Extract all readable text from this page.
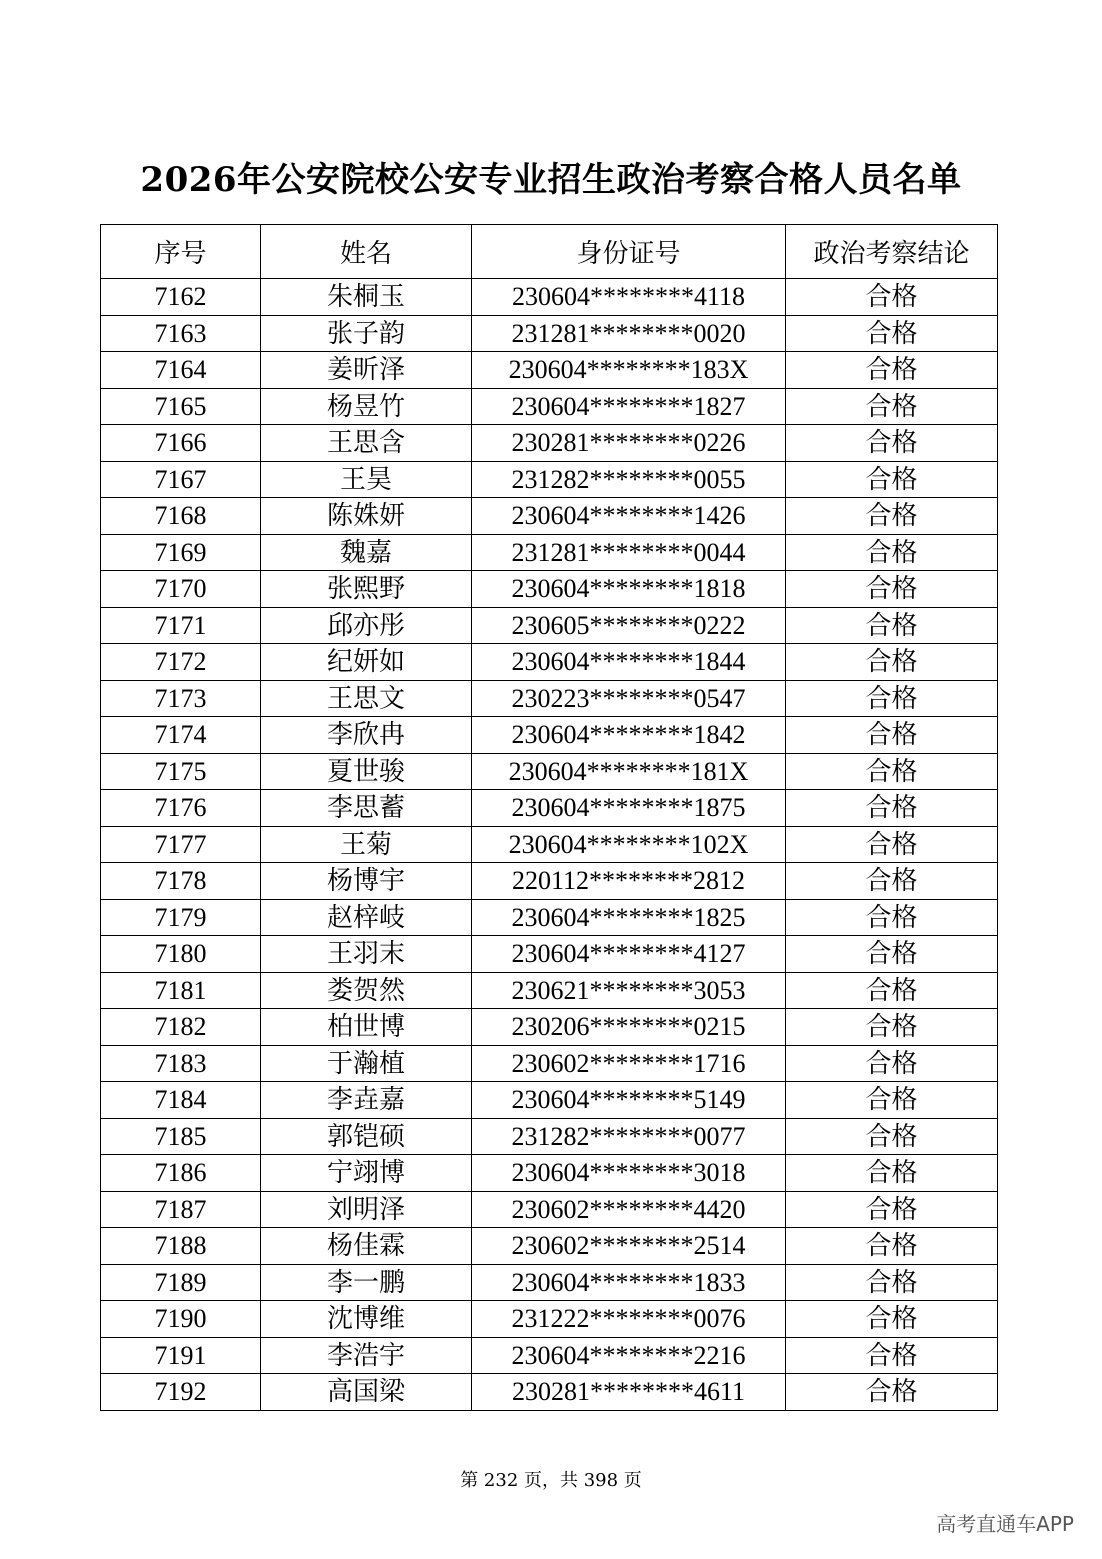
2026年公安院校公安专业招生政治考察合格人员名单
序号	姓名	身份证号	政治考察结论
7162	朱桐玉	230604********4118	合格
7163	张子韵	231281********0020	合格
7164	姜昕泽	230604********183X	合格
7165	杨昱竹	230604********1827	合格
7166	王思含	230281********0226	合格
7167	王昊	231282********0055	合格
7168	陈姝妍	230604********1426	合格
7169	魏嘉	231281********0044	合格
7170	张熙野	230604********1818	合格
7171	邱亦彤	230605********0222	合格
7172	纪妍如	230604********1844	合格
7173	王思文	230223********0547	合格
7174	李欣冉	230604********1842	合格
7175	夏世骏	230604********181X	合格
7176	李思蓄	230604********1875	合格
7177	王菊	230604********102X	合格
7178	杨博宇	220112********2812	合格
7179	赵梓岐	230604********1825	合格
7180	王羽末	230604********4127	合格
7181	娄贺然	230621********3053	合格
7182	柏世博	230206********0215	合格
7183	于瀚植	230602********1716	合格
7184	李垚嘉	230604********5149	合格
7185	郭铠硕	231282********0077	合格
7186	宁翊博	230604********3018	合格
7187	刘明泽	230602********4420	合格
7188	杨佳霖	230602********2514	合格
7189	李一鹏	230604********1833	合格
7190	沈博维	231222********0076	合格
7191	李浩宇	230604********2216	合格
7192	高国梁	230281********4611	合格
第 232 页，共 398 页
高考直通车APP
